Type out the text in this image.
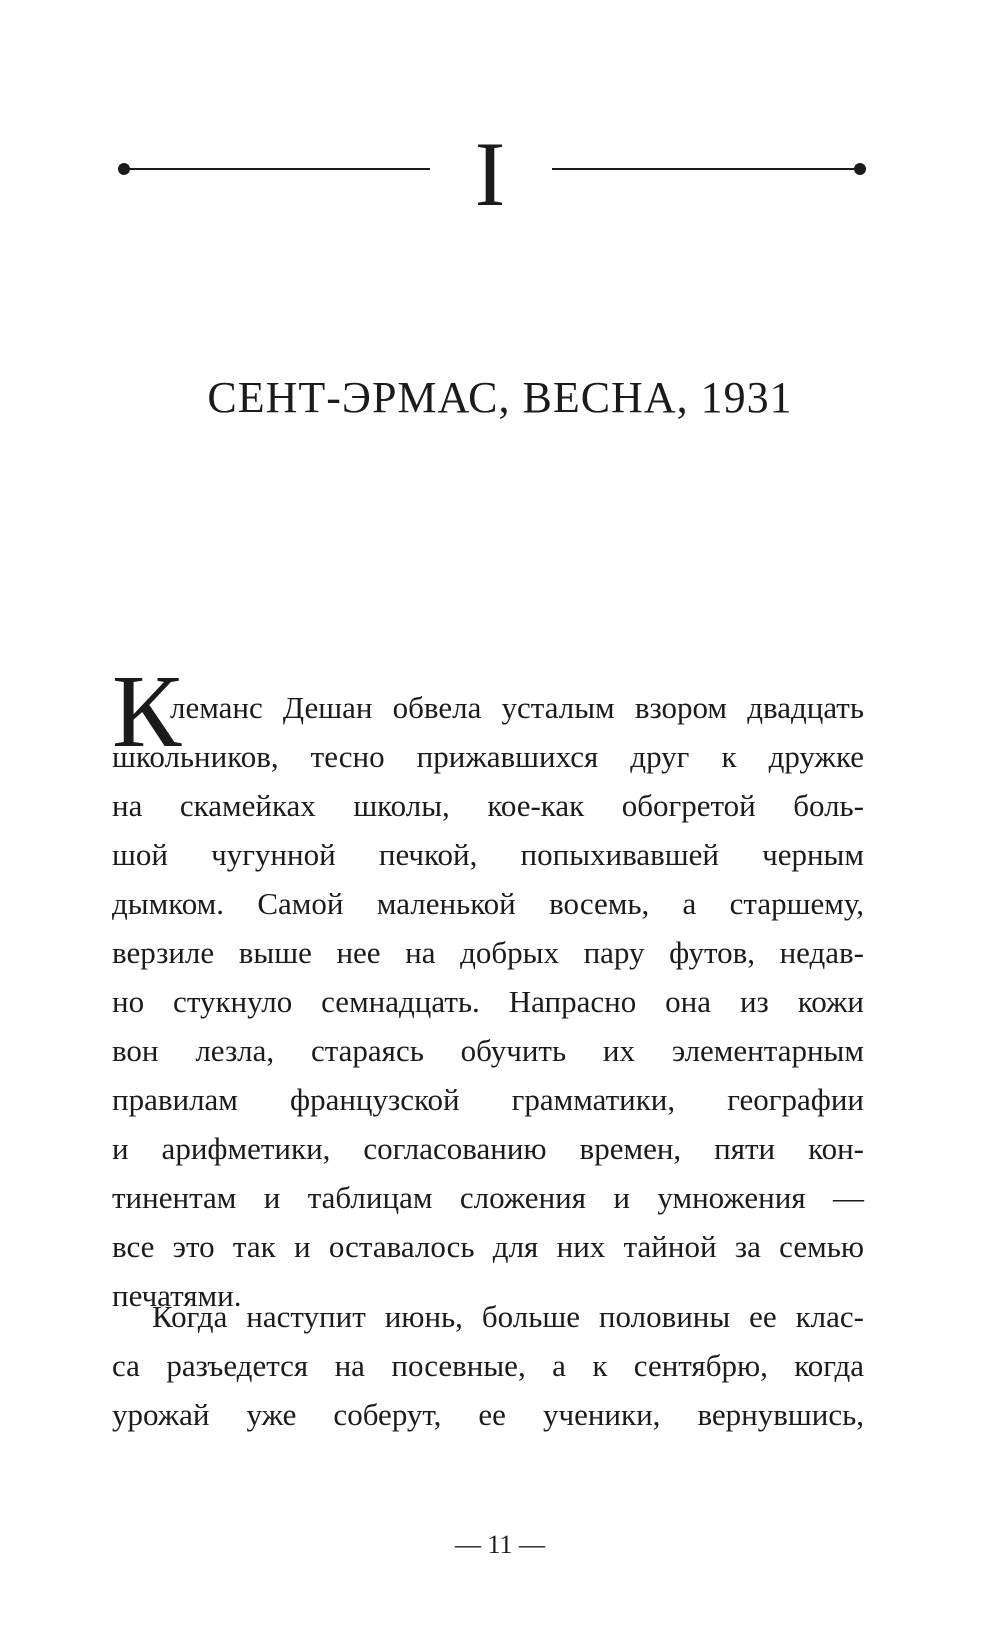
I
СЕНТ-ЭРМАС, ВЕСНА, 1931
К
леманс Дешан обвела усталым взором двадцать
школьников, тесно прижавшихся друг к дружке
на скамейках школы, кое-как обогретой боль-
шой чугунной печкой, попыхивавшей черным
дымком. Самой маленькой восемь, а старшему,
верзиле выше нее на добрых пару футов, недав-
но стукнуло семнадцать. Напрасно она из кожи
вон лезла, стараясь обучить их элементарным
правилам французской грамматики, географии
и арифметики, согласованию времен, пяти кон-
тинентам и таблицам сложения и умножения —
все это так и оставалось для них тайной за семью
печатями.
Когда наступит июнь, больше половины ее клас-
са разъедется на посевные, а к сентябрю, когда
урожай уже соберут, ее ученики, вернувшись,
— 11 —
